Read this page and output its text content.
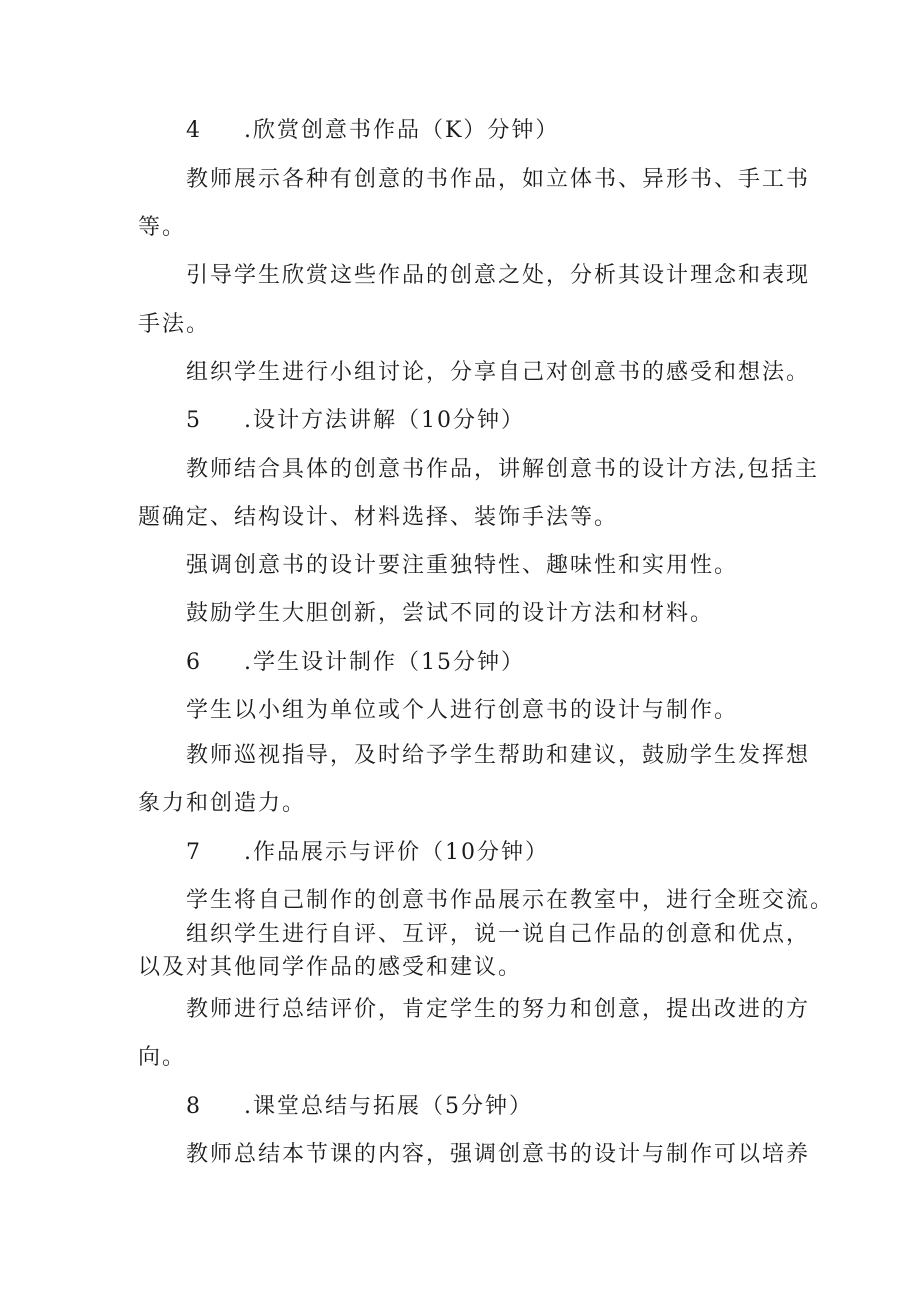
4 .欣赏创意书作品（K）分钟）
教师展示各种有创意的书作品，如立体书、异形书、手工书
等。
引导学生欣赏这些作品的创意之处，分析其设计理念和表现
手法。
组织学生进行小组讨论，分享自己对创意书的感受和想法。
5 .设计方法讲解（10分钟）
教师结合具体的创意书作品，讲解创意书的设计方法,包括主
题确定、结构设计、材料选择、装饰手法等。
强调创意书的设计要注重独特性、趣味性和实用性。
鼓励学生大胆创新，尝试不同的设计方法和材料。
6 .学生设计制作（15分钟）
学生以小组为单位或个人进行创意书的设计与制作。
教师巡视指导，及时给予学生帮助和建议，鼓励学生发挥想
象力和创造力。
7 .作品展示与评价（10分钟）
学生将自己制作的创意书作品展示在教室中，进行全班交流。
组织学生进行自评、互评，说一说自己作品的创意和优点，
以及对其他同学作品的感受和建议。
教师进行总结评价，肯定学生的努力和创意，提出改进的方
向。
8 .课堂总结与拓展（5分钟）
教师总结本节课的内容，强调创意书的设计与制作可以培养
